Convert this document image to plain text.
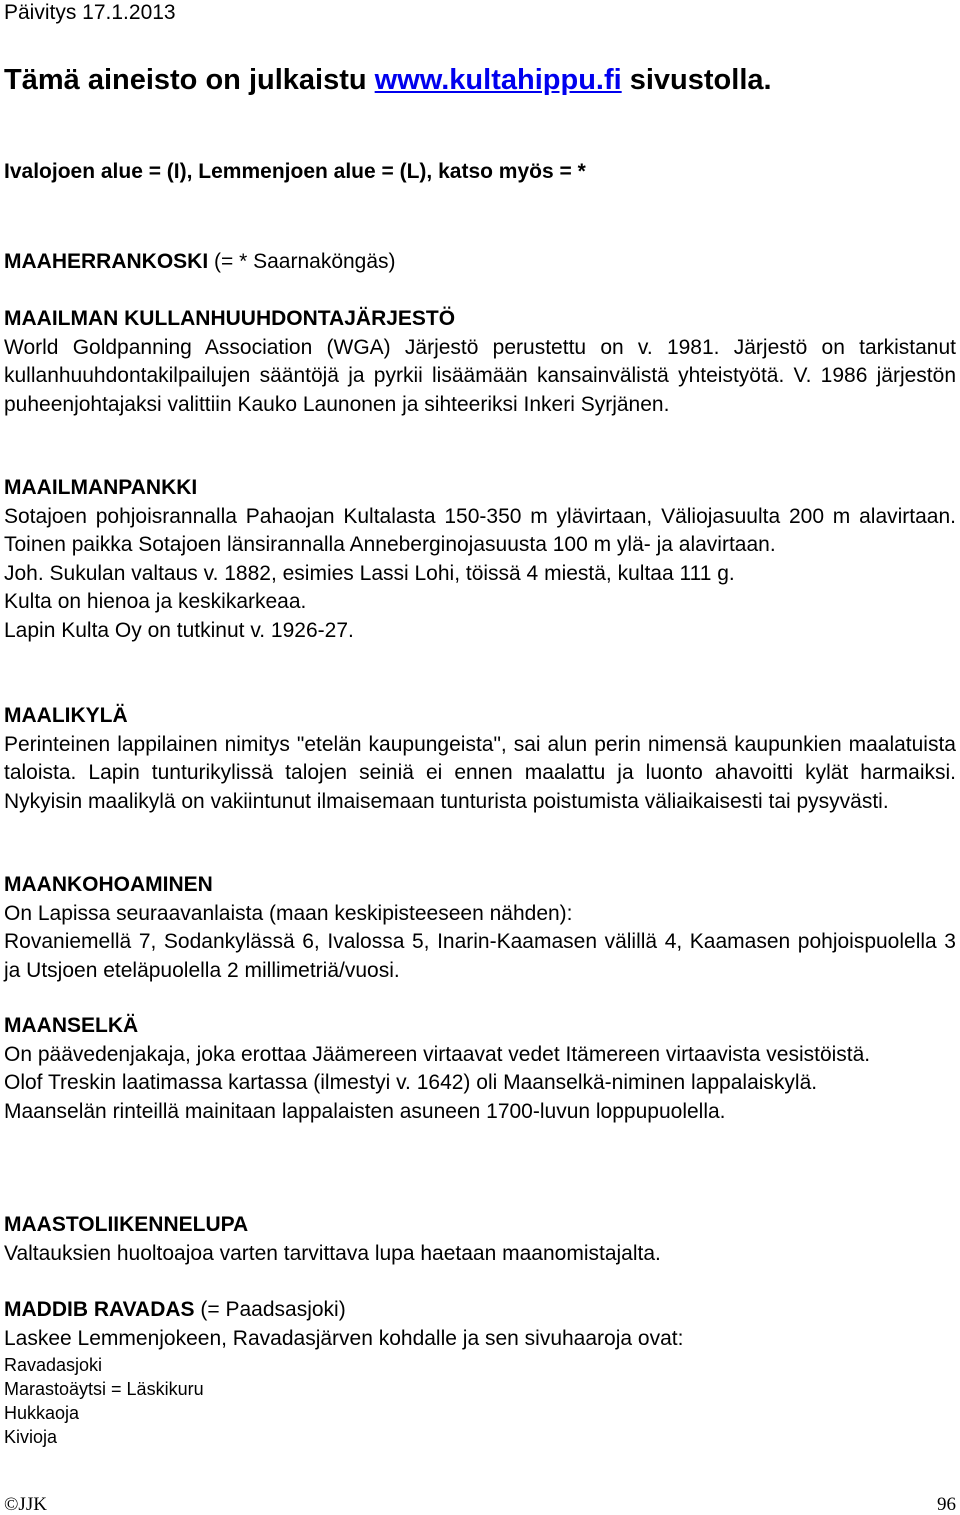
Päivitys 17.1.2013
Tämä aineisto on julkaistu www.kultahippu.fi sivustolla.
Ivalojoen alue = (I), Lemmenjoen alue = (L), katso myös = *
MAAHERRANKOSKI (= * Saarnaköngäs)
MAAILMAN KULLANHUUHDONTAJÄRJESTÖ

World Goldpanning Association (WGA) Järjestö perustettu on v. 1981. Järjestö on tarkistanut kullanhuuhdontakilpailujen sääntöjä ja pyrkii lisäämään kansainvälistä yhteistyötä. V. 1986 järjestön puheenjohtajaksi valittiin Kauko Launonen ja sihteeriksi Inkeri Syrjänen.

MAAILMANPANKKI

Sotajoen pohjoisrannalla Pahaojan Kultalasta 150-350 m ylävirtaan, Väliojasuulta 200 m alavirtaan. Toinen paikka Sotajoen länsirannalla Anneberginojasuusta 100 m ylä- ja alavirtaan.

Joh. Sukulan valtaus v. 1882, esimies Lassi Lohi, töissä 4 miestä, kultaa 111 g.

Kulta on hienoa ja keskikarkeaa.

Lapin Kulta Oy on tutkinut v. 1926-27.

MAALIKYLÄ

Perinteinen lappilainen nimitys "etelän kaupungeista", sai alun perin nimensä kaupunkien maalatuista taloista. Lapin tunturikylissä talojen seiniä ei ennen maalattu ja luonto ahavoitti kylät harmaiksi. Nykyisin maalikylä on vakiintunut ilmaisemaan tunturista poistumista väliaikaisesti tai pysyvästi.

MAANKOHOAMINEN

On Lapissa seuraavanlaista (maan keskipisteeseen nähden):

Rovaniemellä 7, Sodankylässä 6, Ivalossa 5, Inarin-Kaamasen välillä 4, Kaamasen pohjoispuolella 3 ja Utsjoen eteläpuolella 2 millimetriä/vuosi.

MAANSELKÄ

On päävedenjakaja, joka erottaa Jäämereen virtaavat vedet Itämereen virtaavista vesistöistä.

Olof Treskin laatimassa kartassa (ilmestyi v. 1642) oli Maanselkä-niminen lappalaiskylä.

Maanselän rinteillä mainitaan lappalaisten asuneen 1700-luvun loppupuolella.

MAASTOLIIKENNELUPA

Valtauksien huoltoajoa varten tarvittava lupa haetaan maanomistajalta.

MADDIB RAVADAS (= Paadsasjoki)

Laskee Lemmenjokeen, Ravadasjärven kohdalle ja sen sivuhaaroja ovat:

Ravadasjoki
Marastoäytsi = Läskikuru
Hukkaoja
Kivioja
©JJK	96
